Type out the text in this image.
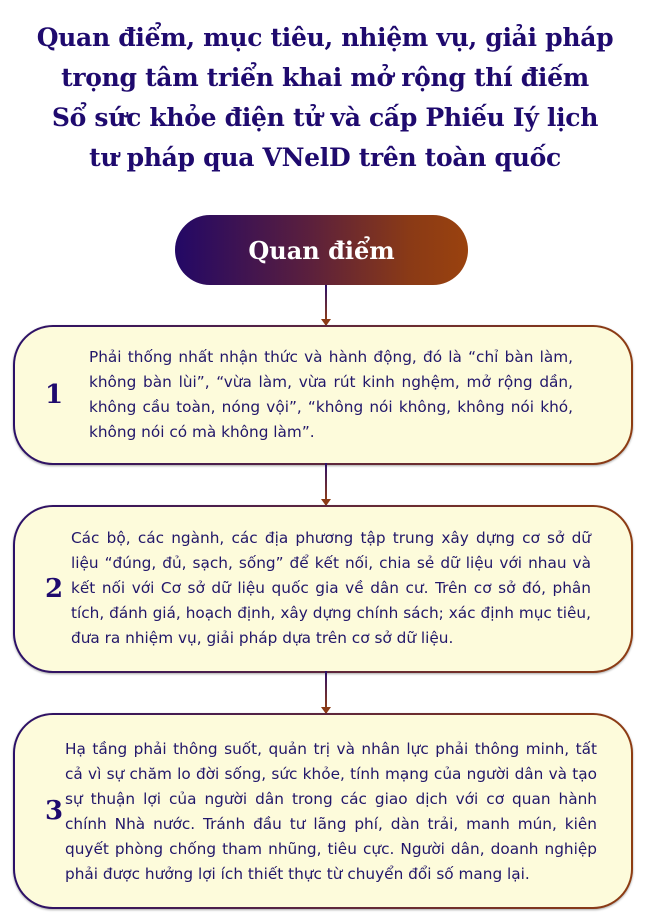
Quan điểm, mục tiêu, nhiệm vụ, giải pháp
trọng tâm triển khai mở rộng thí điếm
Sổ sức khỏe điện tử và cấp Phiếu Iý lịch
tư pháp qua VNelD trên toàn quốc
Quan điểm
1
Phải thống nhất nhận thức và hành động, đó là “chỉ bàn làm, không bàn lùi”, “vừa làm, vừa rút kinh nghệm, mở rộng dần, không cầu toàn, nóng vội”, “không nói không, không nói khó, không nói có mà không làm”.
2
Các bộ, các ngành, các địa phương tập trung xây dựng cơ sở dữ liệu “đúng, đủ, sạch, sống” để kết nối, chia sẻ dữ liệu với nhau và kết nối với Cơ sở dữ liệu quốc gia về dân cư. Trên cơ sở đó, phân tích, đánh giá, hoạch định, xây dựng chính sách; xác định mục tiêu, đưa ra nhiệm vụ, giải pháp dựa trên cơ sở dữ liệu.
3
Hạ tầng phải thông suốt, quản trị và nhân lực phải thông minh, tất cả vì sự chăm lo đời sống, sức khỏe, tính mạng của người dân và tạo sự thuận lợi của người dân trong các giao dịch với cơ quan hành chính Nhà nước. Tránh đầu tư lãng phí, dàn trải, manh mún, kiên quyết phòng chống tham nhũng, tiêu cực. Người dân, doanh nghiệp phải được hưởng lợi ích thiết thực từ chuyển đổi số mang lại.
